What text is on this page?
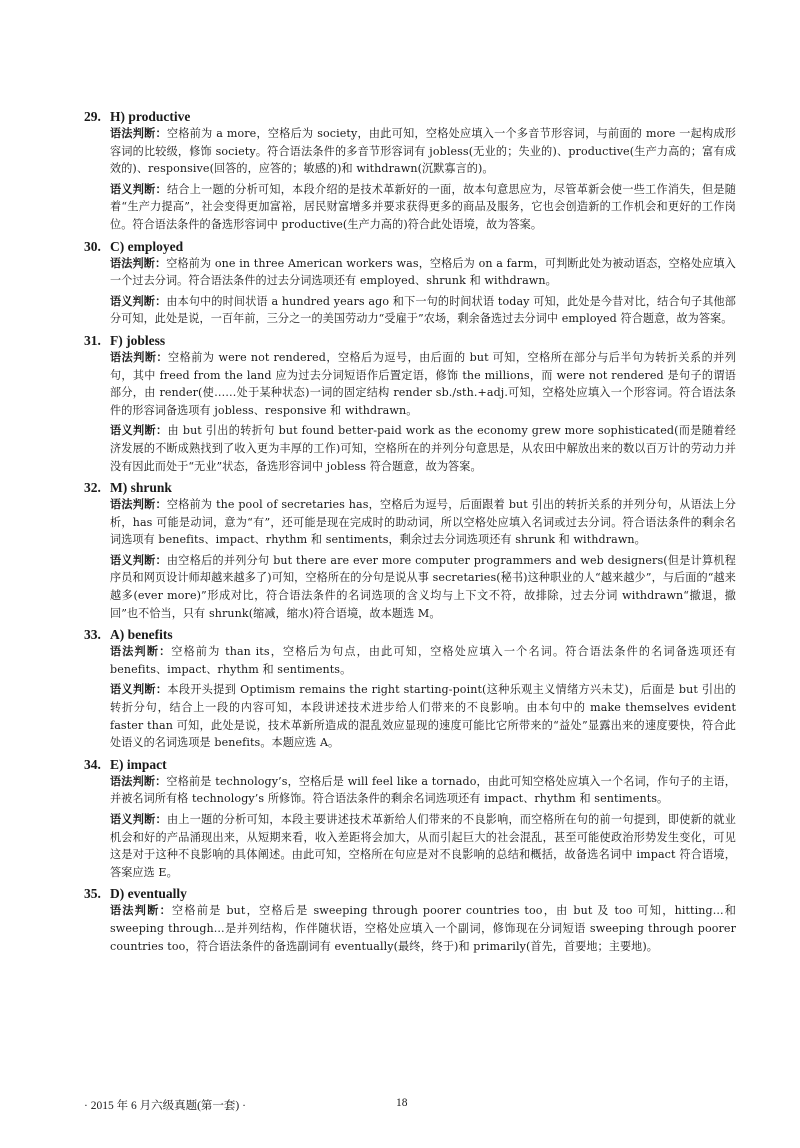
29. H) productive

语法判断：空格前为 a more，空格后为 society，由此可知，空格处应填入一个多音节形容词，与前面的 more 一起构成形容词的比较级，修饰 society。符合语法条件的多音节形容词有 jobless(无业的；失业的)、productive(生产力高的；富有成效的)、responsive(回答的，应答的；敏感的)和 withdrawn(沉默寡言的)。

语义判断：结合上一题的分析可知，本段介绍的是技术革新好的一面，故本句意思应为，尽管革新会使一些工作消失，但是随着“生产力提高”，社会变得更加富裕，居民财富增多并要求获得更多的商品及服务，它也会创造新的工作机会和更好的工作岗位。符合语法条件的备选形容词中 productive(生产力高的)符合此处语境，故为答案。

30. C) employed

语法判断：空格前为 one in three American workers was，空格后为 on a farm，可判断此处为被动语态，空格处应填入一个过去分词。符合语法条件的过去分词选项还有 employed、shrunk 和 withdrawn。

语义判断：由本句中的时间状语 a hundred years ago 和下一句的时间状语 today 可知，此处是今昔对比，结合句子其他部分可知，此处是说，一百年前，三分之一的美国劳动力“受雇于”农场，剩余备选过去分词中 employed 符合题意，故为答案。

31. F) jobless

语法判断：空格前为 were not rendered，空格后为逗号，由后面的 but 可知，空格所在部分与后半句为转折关系的并列句，其中 freed from the land 应为过去分词短语作后置定语，修饰 the millions，而 were not rendered 是句子的谓语部分，由 render(使……处于某种状态)一词的固定结构 render sb./sth.+adj.可知，空格处应填入一个形容词。符合语法条件的形容词备选项有 jobless、responsive 和 withdrawn。

语义判断：由 but 引出的转折句 but found better-paid work as the economy grew more sophisticated(而是随着经济发展的不断成熟找到了收入更为丰厚的工作)可知，空格所在的并列分句意思是，从农田中解放出来的数以百万计的劳动力并没有因此而处于“无业”状态，备选形容词中 jobless 符合题意，故为答案。

32. M) shrunk

语法判断：空格前为 the pool of secretaries has，空格后为逗号，后面跟着 but 引出的转折关系的并列分句，从语法上分析，has 可能是动词，意为“有”，还可能是现在完成时的助动词，所以空格处应填入名词或过去分词。符合语法条件的剩余名词选项有 benefits、impact、rhythm 和 sentiments，剩余过去分词选项还有 shrunk 和 withdrawn。

语义判断：由空格后的并列分句 but there are ever more computer programmers and web designers(但是计算机程序员和网页设计师却越来越多了)可知，空格所在的分句是说从事 secretaries(秘书)这种职业的人“越来越少”，与后面的“越来越多(ever more)”形成对比，符合语法条件的名词选项的含义均与上下文不符，故排除，过去分词 withdrawn“撤退，撤回”也不恰当，只有 shrunk(缩减，缩水)符合语境，故本题选 M。

33. A) benefits

语法判断：空格前为 than its，空格后为句点，由此可知，空格处应填入一个名词。符合语法条件的名词备选项还有 benefits、impact、rhythm 和 sentiments。

语义判断：本段开头提到 Optimism remains the right starting-point(这种乐观主义情绪方兴未艾)，后面是 but 引出的转折分句，结合上一段的内容可知，本段讲述技术进步给人们带来的不良影响。由本句中的 make themselves evident faster than 可知，此处是说，技术革新所造成的混乱效应显现的速度可能比它所带来的“益处”显露出来的速度要快，符合此处语义的名词选项是 benefits。本题应选 A。

34. E) impact

语法判断：空格前是 technology’s，空格后是 will feel like a tornado，由此可知空格处应填入一个名词，作句子的主语，并被名词所有格 technology’s 所修饰。符合语法条件的剩余名词选项还有 impact、rhythm 和 sentiments。

语义判断：由上一题的分析可知，本段主要讲述技术革新给人们带来的不良影响，而空格所在句的前一句提到，即使新的就业机会和好的产品涌现出来，从短期来看，收入差距将会加大，从而引起巨大的社会混乱，甚至可能使政治形势发生变化，可见这是对于这种不良影响的具体阐述。由此可知，空格所在句应是对不良影响的总结和概括，故备选名词中 impact 符合语境，答案应选 E。

35. D) eventually

语法判断：空格前是 but，空格后是 sweeping through poorer countries too，由 but 及 too 可知，hitting...和 sweeping through...是并列结构，作伴随状语，空格处应填入一个副词，修饰现在分词短语 sweeping through poorer countries too，符合语法条件的备选副词有 eventually(最终，终于)和 primarily(首先，首要地；主要地)。

· 2015 年 6 月六级真题(第一套) ·	18
